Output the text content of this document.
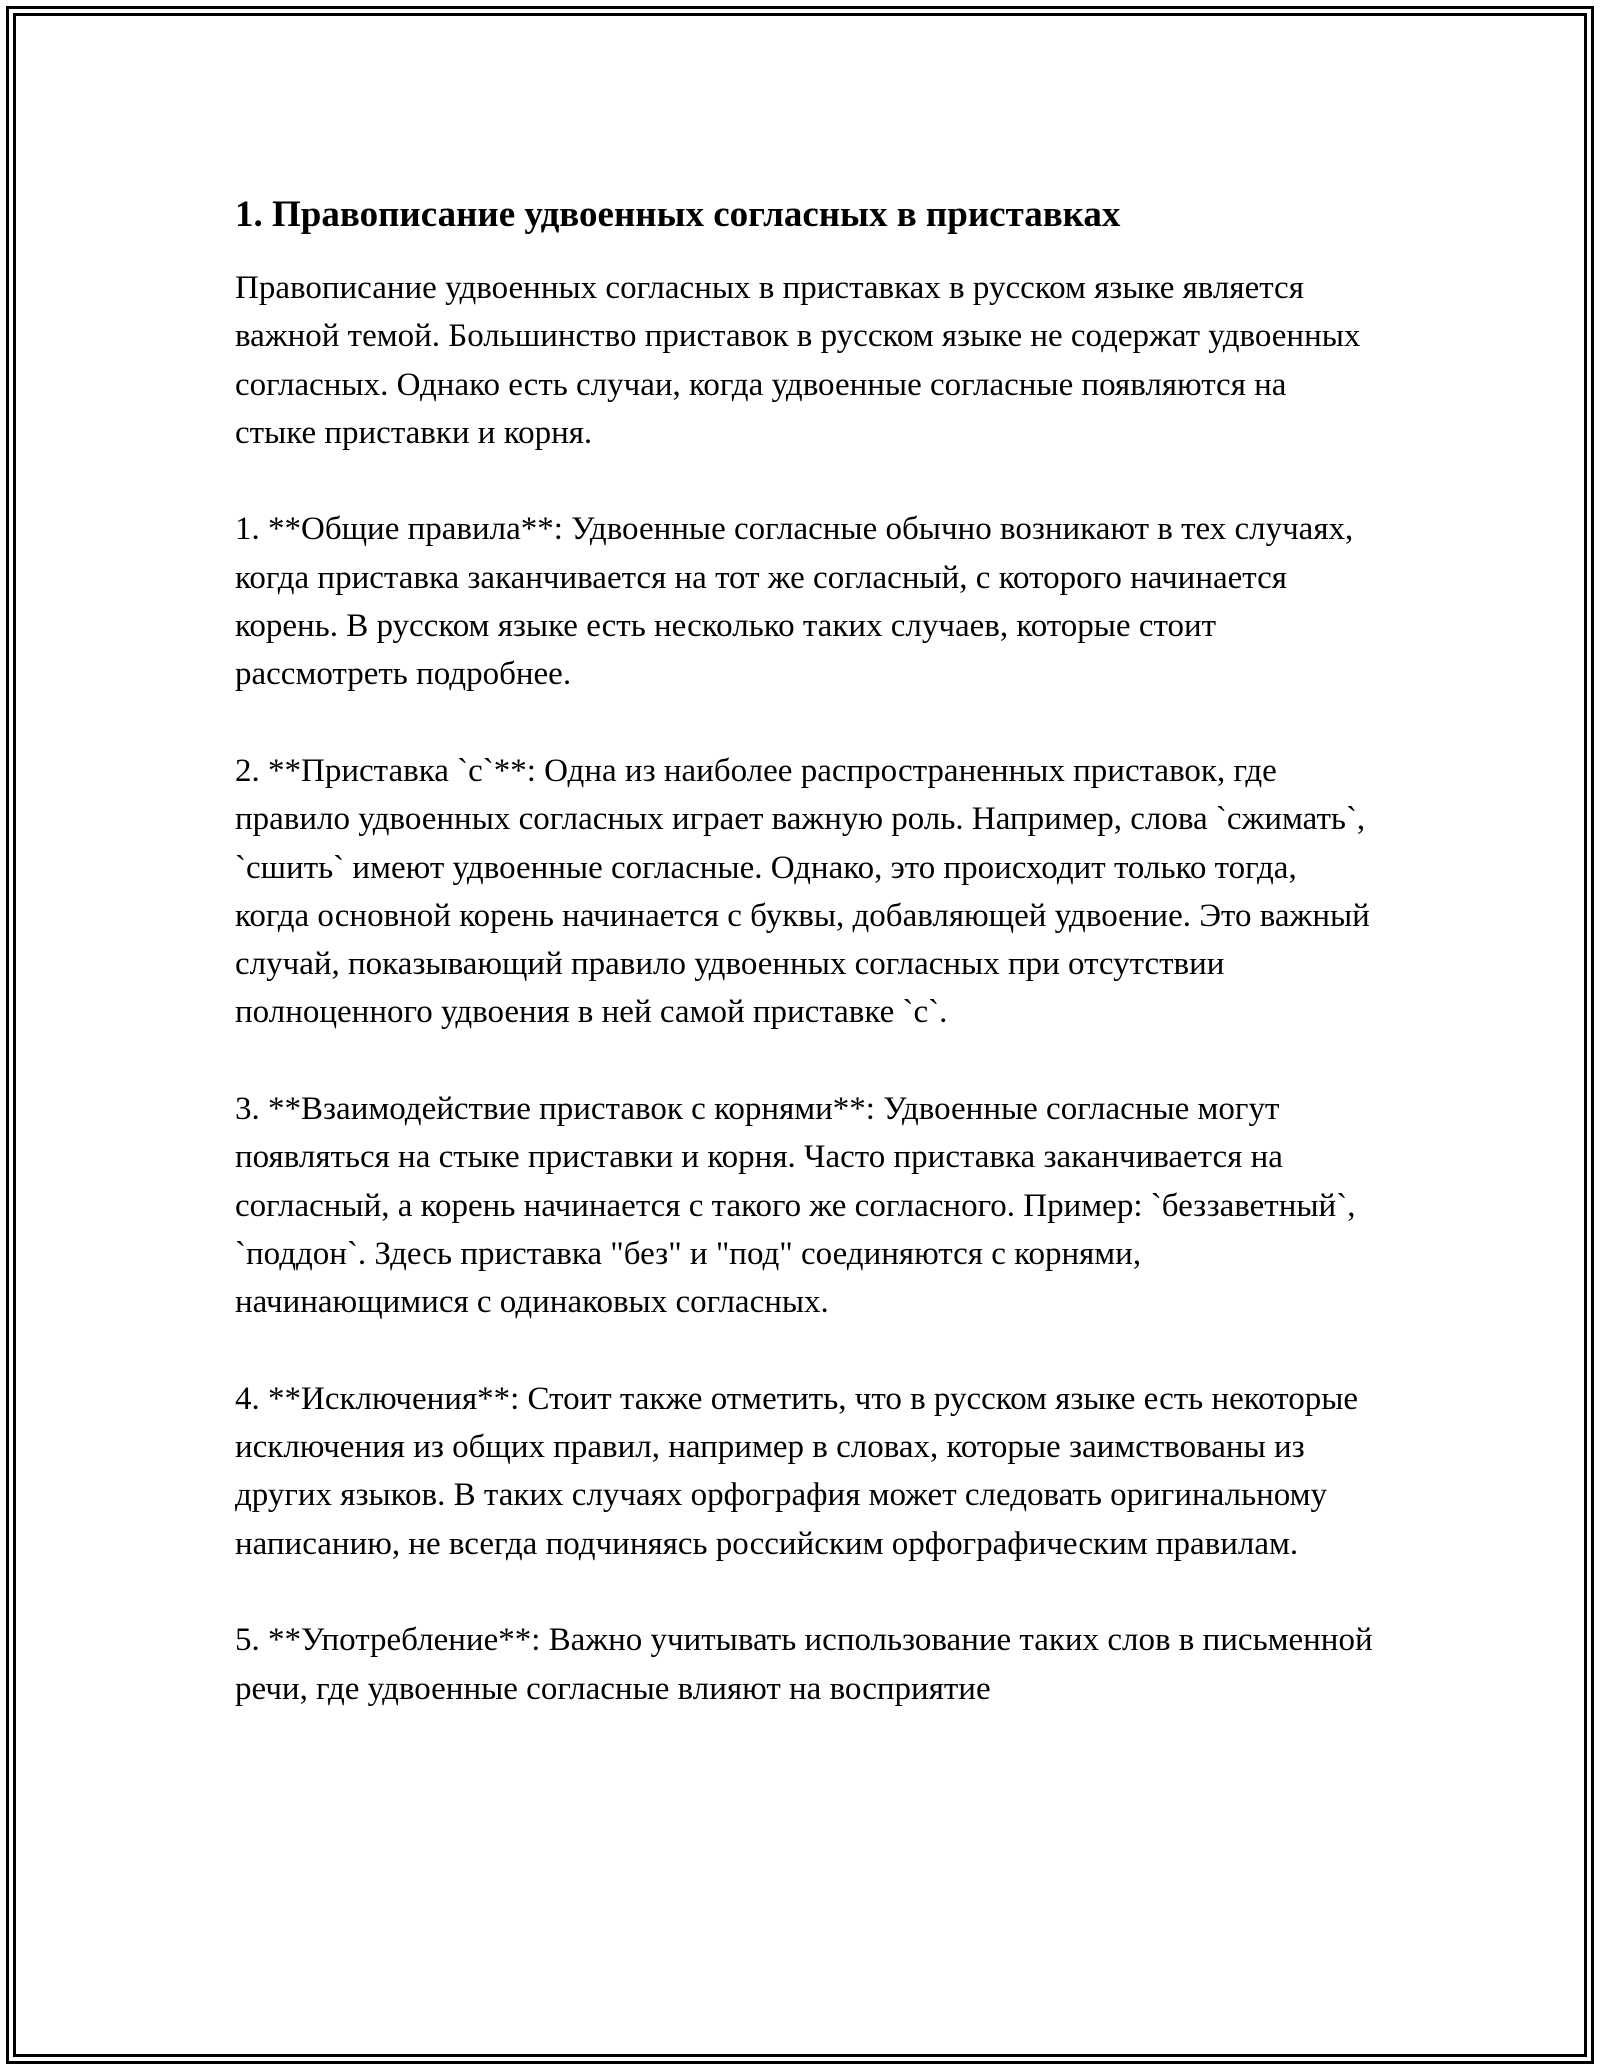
1. Правописание удвоенных согласных в приставках

Правописание удвоенных согласных в приставках в русском языке является важной темой. Большинство приставок в русском языке не содержат удвоенных согласных. Однако есть случаи, когда удвоенные согласные появляются на стыке приставки и корня.

1. **Общие правила**: Удвоенные согласные обычно возникают в тех случаях, когда приставка заканчивается на тот же согласный, с которого начинается корень. В русском языке есть несколько таких случаев, которые стоит рассмотреть подробнее.

2. **Приставка `с`**: Одна из наиболее распространенных приставок, где правило удвоенных согласных играет важную роль. Например, слова `сжимать`, `сшить` имеют удвоенные согласные. Однако, это происходит только тогда, когда основной корень начинается с буквы, добавляющей удвоение. Это важный случай, показывающий правило удвоенных согласных при отсутствии полноценного удвоения в ней самой приставке `с`.

3. **Взаимодействие приставок с корнями**: Удвоенные согласные могут появляться на стыке приставки и корня. Часто приставка заканчивается на согласный, а корень начинается с такого же согласного. Пример: `беззаветный`, `поддон`. Здесь приставка "без" и "под" соединяются с корнями, начинающимися с одинаковых согласных.

4. **Исключения**: Стоит также отметить, что в русском языке есть некоторые исключения из общих правил, например в словах, которые заимствованы из других языков. В таких случаях орфография может следовать оригинальному написанию, не всегда подчиняясь российским орфографическим правилам.

5. **Употребление**: Важно учитывать использование таких слов в письменной речи, где удвоенные согласные влияют на восприятие
